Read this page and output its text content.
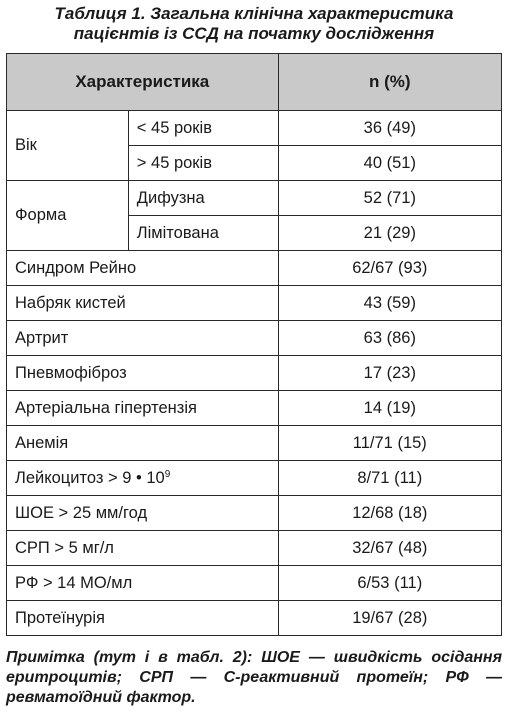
Таблиця 1. Загальна клінічна характеристика
пацієнтів із ССД на початку дослідження
Характеристика		n (%)
Вік	< 45 років	36 (49)
	> 45 років	40 (51)
Форма	Дифузна	52 (71)
	Лімітована	21 (29)
Синдром Рейно		62/67 (93)
Набряк кистей		43 (59)
Артрит		63 (86)
Пневмофіброз		17 (23)
Артеріальна гіпертензія		14 (19)
Анемія		11/71 (15)
Лейкоцитоз > 9 • $10^9$		8/71 (11)
ШОЕ > 25 мм/год		12/68 (18)
СРП > 5 мг/л		32/67 (48)
РФ > 14 МО/мл		6/53 (11)
Протеїнурія		19/67 (28)
Примітка (тут і в табл. 2): ШОЕ — швидкість осідання еритроцитів; СРП — С-реактивний протеїн; РФ — ревматоїдний фактор.
